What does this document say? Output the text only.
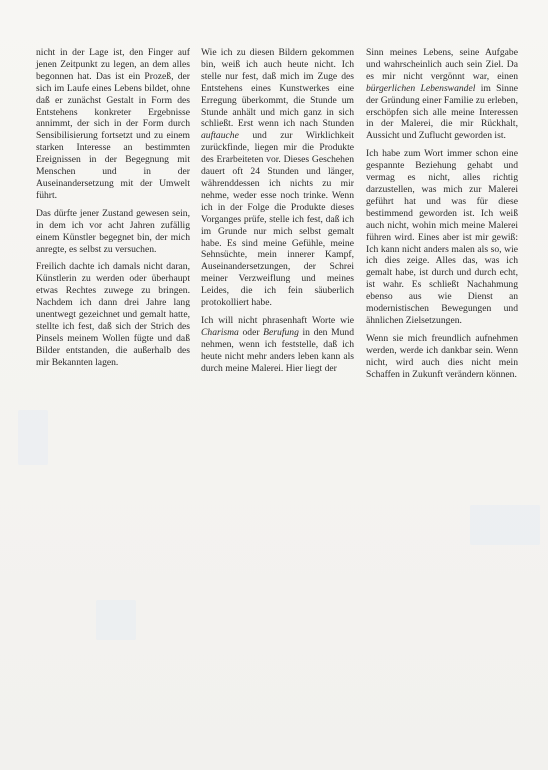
nicht in der Lage ist, den Finger auf jenen Zeitpunkt zu legen, an dem alles begonnen hat. Das ist ein Prozeß, der sich im Laufe eines Lebens bildet, ohne daß er zunächst Gestalt in Form des Entstehens konkreter Ergebnisse annimmt, der sich in der Form durch Sensibilisierung fortsetzt und zu einem starken Interesse an bestimmten Ereignissen in der Begegnung mit Menschen und in der Auseinandersetzung mit der Umwelt führt.

Das dürfte jener Zustand gewesen sein, in dem ich vor acht Jahren zufällig einem Künstler begegnet bin, der mich anregte, es selbst zu versuchen.

Freilich dachte ich damals nicht daran, Künstlerin zu werden oder überhaupt etwas Rechtes zuwege zu bringen. Nachdem ich dann drei Jahre lang unentwegt gezeichnet und gemalt hatte, stellte ich fest, daß sich der Strich des Pinsels meinem Wollen fügte und daß Bilder entstanden, die außerhalb des mir Bekannten lagen.

Wie ich zu diesen Bildern gekommen bin, weiß ich auch heute nicht. Ich stelle nur fest, daß mich im Zuge des Entstehens eines Kunstwerkes eine Erregung überkommt, die Stunde um Stunde anhält und mich ganz in sich schließt. Erst wenn ich nach Stunden auftauche und zur Wirklichkeit zurückfinde, liegen mir die Produkte des Erarbeiteten vor. Dieses Geschehen dauert oft 24 Stunden und länger, währenddessen ich nichts zu mir nehme, weder esse noch trinke. Wenn ich in der Folge die Produkte dieses Vorganges prüfe, stelle ich fest, daß ich im Grunde nur mich selbst gemalt habe. Es sind meine Gefühle, meine Sehnsüchte, mein innerer Kampf, Auseinandersetzungen, der Schrei meiner Verzweiflung und meines Leides, die ich fein säuberlich protokolliert habe.

Ich will nicht phrasenhaft Worte wie Charisma oder Berufung in den Mund nehmen, wenn ich feststelle, daß ich heute nicht mehr anders leben kann als durch meine Malerei. Hier liegt der

Sinn meines Lebens, seine Aufgabe und wahrscheinlich auch sein Ziel. Da es mir nicht vergönnt war, einen bürgerlichen Lebenswandel im Sinne der Gründung einer Familie zu erleben, erschöpfen sich alle meine Interessen in der Malerei, die mir Rückhalt, Aussicht und Zuflucht geworden ist.

Ich habe zum Wort immer schon eine gespannte Beziehung gehabt und vermag es nicht, alles richtig darzustellen, was mich zur Malerei geführt hat und was für diese bestimmend geworden ist. Ich weiß auch nicht, wohin mich meine Malerei führen wird. Eines aber ist mir gewiß: Ich kann nicht anders malen als so, wie ich dies zeige. Alles das, was ich gemalt habe, ist durch und durch echt, ist wahr. Es schließt Nachahmung ebenso aus wie Dienst an modernistischen Bewegungen und ähnlichen Zielsetzungen.

Wenn sie mich freundlich aufnehmen werden, werde ich dankbar sein. Wenn nicht, wird auch dies nicht mein Schaffen in Zukunft verändern können.
